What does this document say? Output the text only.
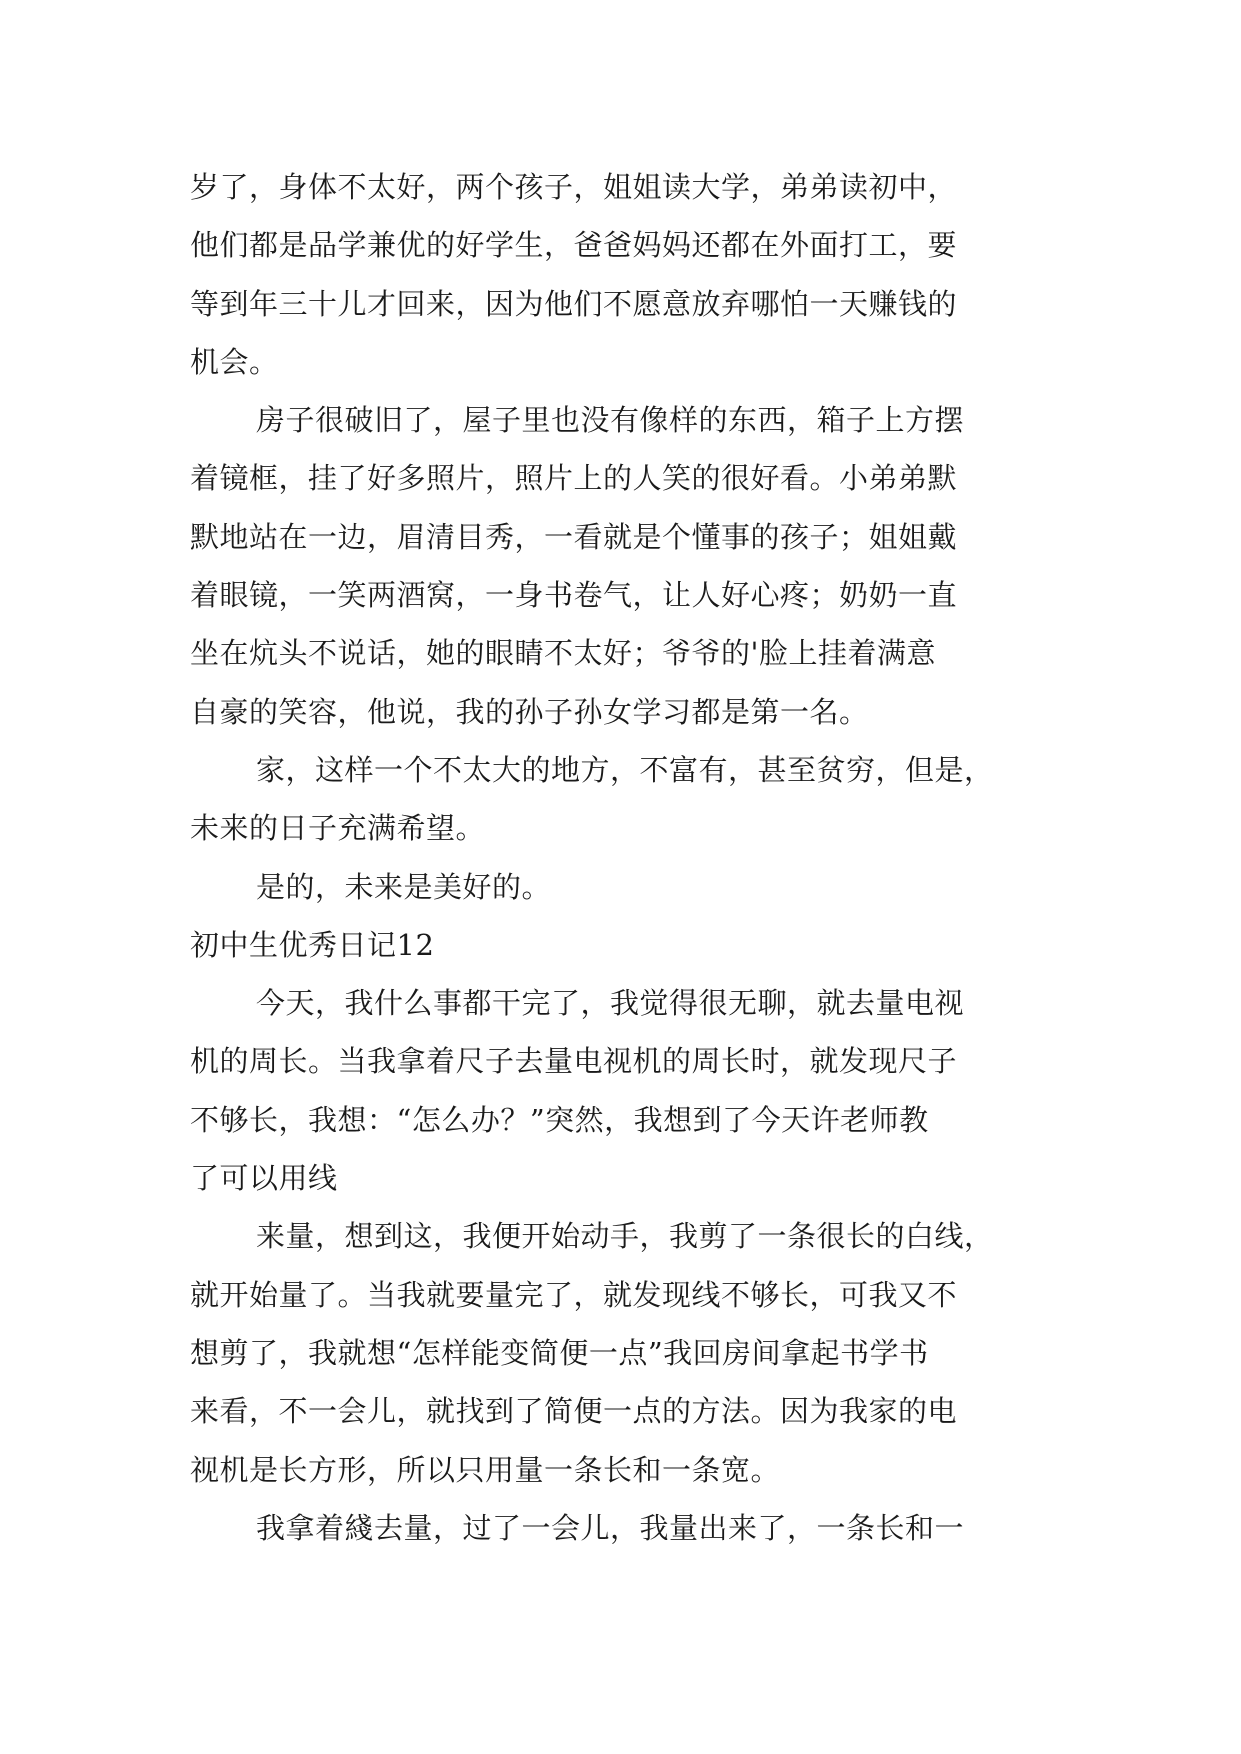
岁了，身体不太好，两个孩子，姐姐读大学，弟弟读初中，
他们都是品学兼优的好学生，爸爸妈妈还都在外面打工，要
等到年三十儿才回来，因为他们不愿意放弃哪怕一天赚钱的
机会。
房子很破旧了，屋子里也没有像样的东西，箱子上方摆
着镜框，挂了好多照片，照片上的人笑的很好看。小弟弟默
默地站在一边，眉清目秀，一看就是个懂事的孩子；姐姐戴
着眼镜，一笑两酒窝，一身书卷气，让人好心疼；奶奶一直
坐在炕头不说话，她的眼睛不太好；爷爷的'脸上挂着满意
自豪的笑容，他说，我的孙子孙女学习都是第一名。
家，这样一个不太大的地方，不富有，甚至贫穷，但是，
未来的日子充满希望。
是的，未来是美好的。
初中生优秀日记12
今天，我什么事都干完了，我觉得很无聊，就去量电视
机的周长。当我拿着尺子去量电视机的周长时，就发现尺子
不够长，我想：“怎么办？”突然，我想到了今天许老师教
了可以用线
来量，想到这，我便开始动手，我剪了一条很长的白线，
就开始量了。当我就要量完了，就发现线不够长，可我又不
想剪了，我就想“怎样能变简便一点”我回房间拿起书学书
来看，不一会儿，就找到了简便一点的方法。因为我家的电
视机是长方形，所以只用量一条长和一条宽。
我拿着綫去量，过了一会儿，我量出来了，一条长和一
